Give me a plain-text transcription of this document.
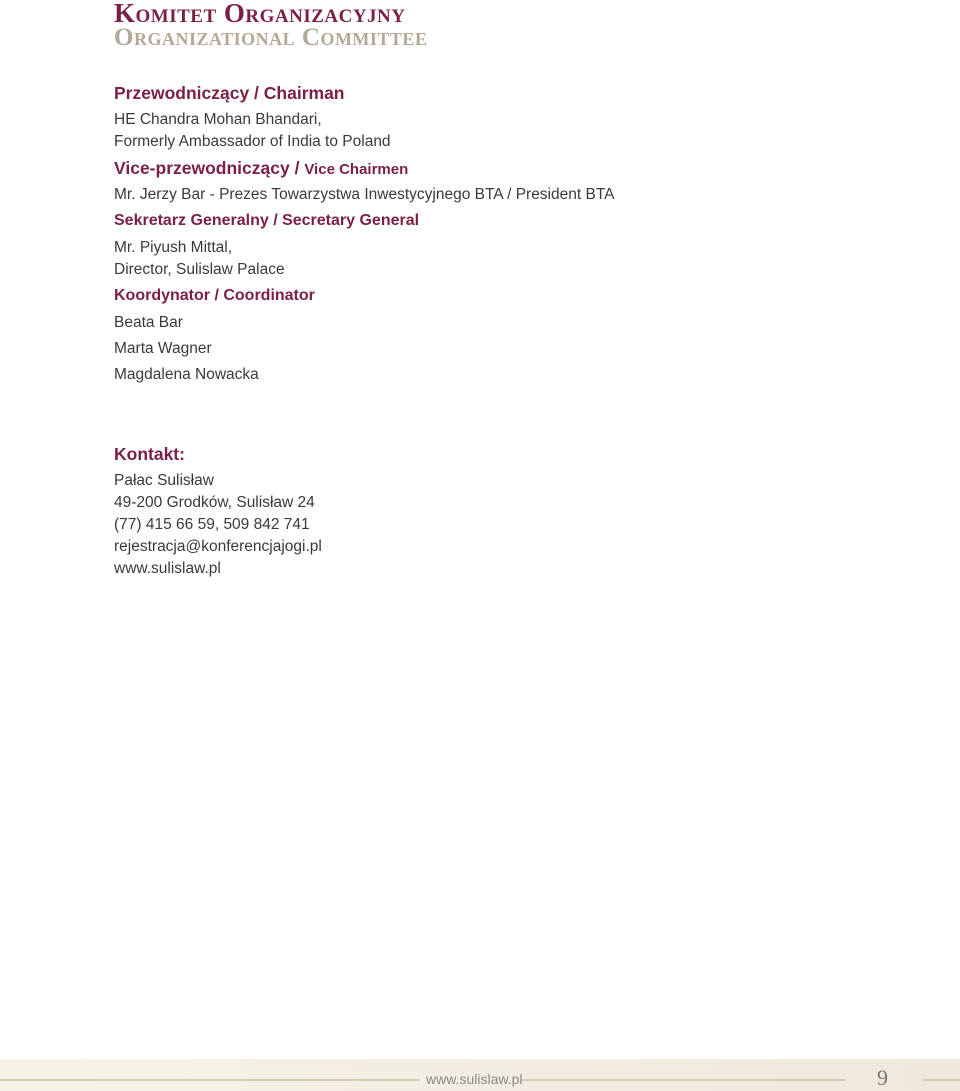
Komitet Organizacyjny
Organizational Committee
Przewodniczący / Chairman
HE Chandra Mohan Bhandari,
Formerly Ambassador of India to Poland
Vice-przewodniczący / Vice Chairmen
Mr. Jerzy Bar - Prezes Towarzystwa Inwestycyjnego BTA / President BTA
Sekretarz Generalny / Secretary General
Mr. Piyush Mittal,
Director, Sulislaw Palace
Koordynator / Coordinator
Beata Bar
Marta Wagner
Magdalena Nowacka
Kontakt:
Pałac Sulisław
49-200 Grodków, Sulisław 24
(77) 415 66 59, 509 842 741
rejestracja@konferencjajogi.pl
www.sulislaw.pl
www.sulislaw.pl	9
